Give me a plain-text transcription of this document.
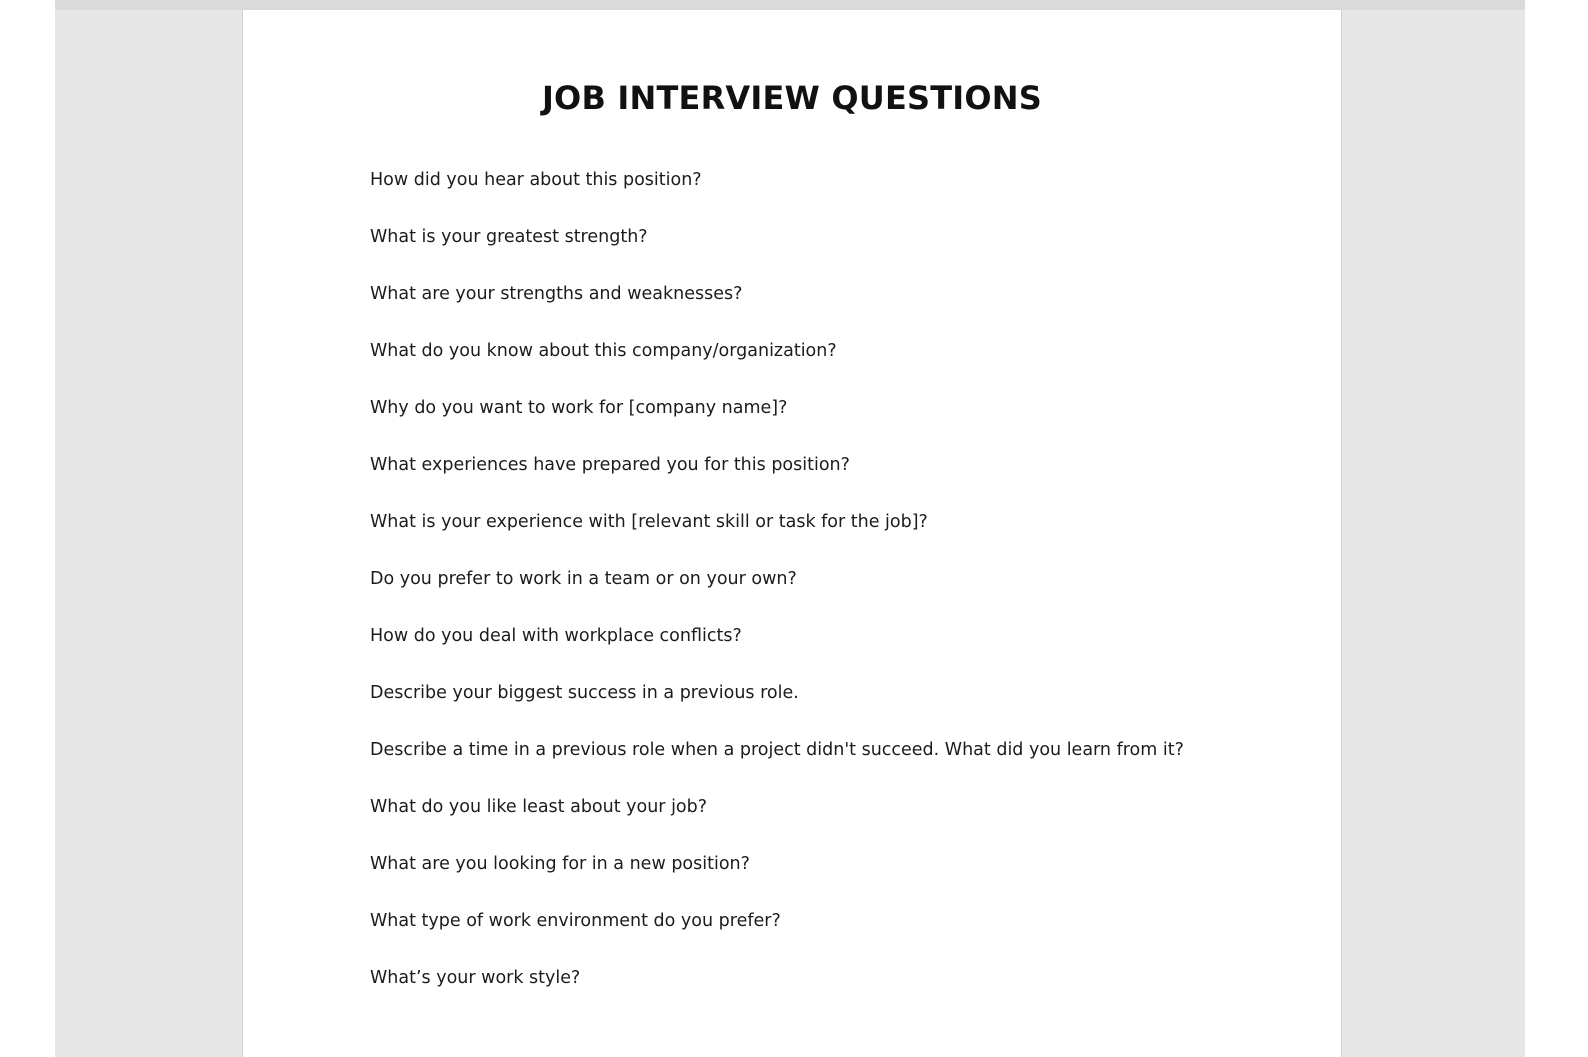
JOB INTERVIEW QUESTIONS
How did you hear about this position?
What is your greatest strength?
What are your strengths and weaknesses?
What do you know about this company/organization?
Why do you want to work for [company name]?
What experiences have prepared you for this position?
What is your experience with [relevant skill or task for the job]?
Do you prefer to work in a team or on your own?
How do you deal with workplace conflicts?
Describe your biggest success in a previous role.
Describe a time in a previous role when a project didn't succeed. What did you learn from it?
What do you like least about your job?
What are you looking for in a new position?
What type of work environment do you prefer?
What’s your work style?
